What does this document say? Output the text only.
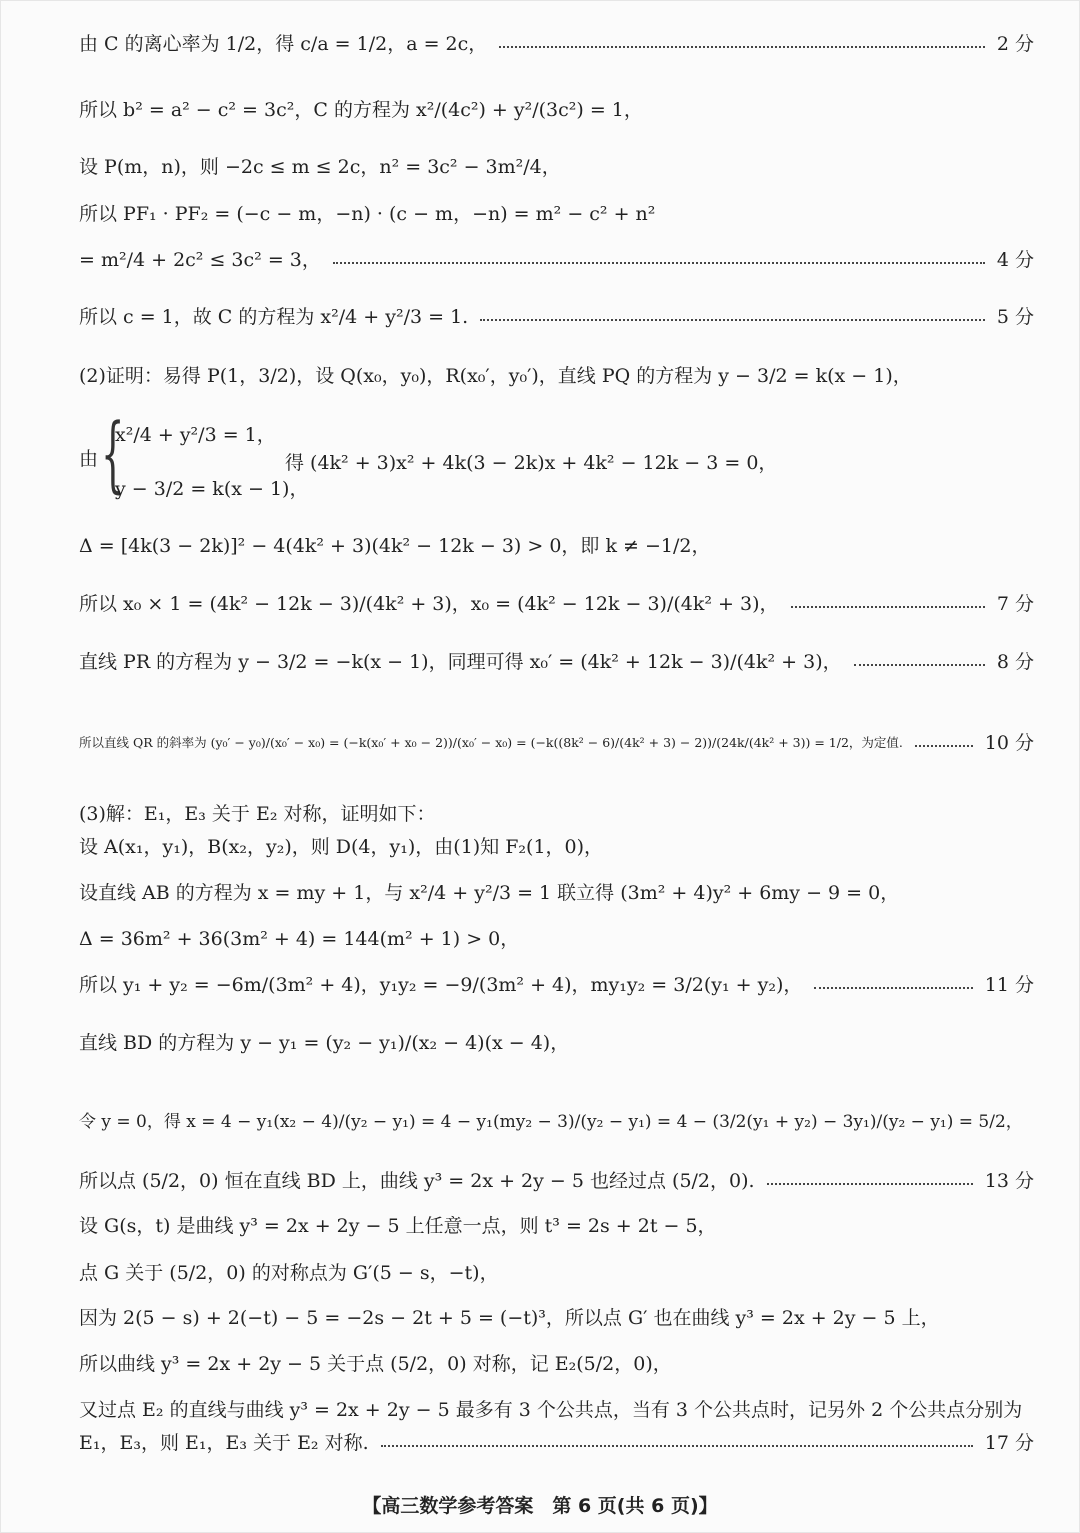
由 C 的离心率为 1/2，得 c/a = 1/2，a = 2c，	2 分
所以 b² = a² − c² = 3c²，C 的方程为 x²/(4c²) + y²/(3c²) = 1，
设 P(m，n)，则 −2c ≤ m ≤ 2c，n² = 3c² − 3m²/4，
所以 PF₁ · PF₂ = (−c − m，−n) · (c − m，−n) = m² − c² + n²
= m²/4 + 2c² ≤ 3c² = 3，	4 分
所以 c = 1，故 C 的方程为 x²/4 + y²/3 = 1.	5 分
(2)证明：易得 P(1，3/2)，设 Q(x₀，y₀)，R(x₀′，y₀′)，直线 PQ 的方程为 y − 3/2 = k(x − 1)，
由 {
x²/4 + y²/3 = 1，
y − 3/2 = k(x − 1)，
得 (4k² + 3)x² + 4k(3 − 2k)x + 4k² − 12k − 3 = 0，
Δ = [4k(3 − 2k)]² − 4(4k² + 3)(4k² − 12k − 3) > 0，即 k ≠ −1/2，
所以 x₀ × 1 = (4k² − 12k − 3)/(4k² + 3)，x₀ = (4k² − 12k − 3)/(4k² + 3)，	7 分
直线 PR 的方程为 y − 3/2 = −k(x − 1)，同理可得 x₀′ = (4k² + 12k − 3)/(4k² + 3)，	8 分
所以直线 QR 的斜率为 (y₀′ − y₀)/(x₀′ − x₀) = (−k(x₀′ + x₀ − 2))/(x₀′ − x₀) = (−k((8k² − 6)/(4k² + 3) − 2))/(24k/(4k² + 3)) = 1/2，为定值.	10 分
(3)解：E₁，E₃ 关于 E₂ 对称，证明如下：
设 A(x₁，y₁)，B(x₂，y₂)，则 D(4，y₁)，由(1)知 F₂(1，0)，
设直线 AB 的方程为 x = my + 1，与 x²/4 + y²/3 = 1 联立得 (3m² + 4)y² + 6my − 9 = 0，
Δ = 36m² + 36(3m² + 4) = 144(m² + 1) > 0，
所以 y₁ + y₂ = −6m/(3m² + 4)，y₁y₂ = −9/(3m² + 4)，my₁y₂ = 3/2(y₁ + y₂)，	11 分
直线 BD 的方程为 y − y₁ = (y₂ − y₁)/(x₂ − 4)(x − 4)，
令 y = 0，得 x = 4 − y₁(x₂ − 4)/(y₂ − y₁) = 4 − y₁(my₂ − 3)/(y₂ − y₁) = 4 − (3/2(y₁ + y₂) − 3y₁)/(y₂ − y₁) = 5/2，
所以点 (5/2，0) 恒在直线 BD 上，曲线 y³ = 2x + 2y − 5 也经过点 (5/2，0).	13 分
设 G(s，t) 是曲线 y³ = 2x + 2y − 5 上任意一点，则 t³ = 2s + 2t − 5，
点 G 关于 (5/2，0) 的对称点为 G′(5 − s，−t)，
因为 2(5 − s) + 2(−t) − 5 = −2s − 2t + 5 = (−t)³，所以点 G′ 也在曲线 y³ = 2x + 2y − 5 上，
所以曲线 y³ = 2x + 2y − 5 关于点 (5/2，0) 对称，记 E₂(5/2，0)，
又过点 E₂ 的直线与曲线 y³ = 2x + 2y − 5 最多有 3 个公共点，当有 3 个公共点时，记另外 2 个公共点分别为
E₁，E₃，则 E₁，E₃ 关于 E₂ 对称.	17 分
【高三数学参考答案　第 6 页(共 6 页)】
